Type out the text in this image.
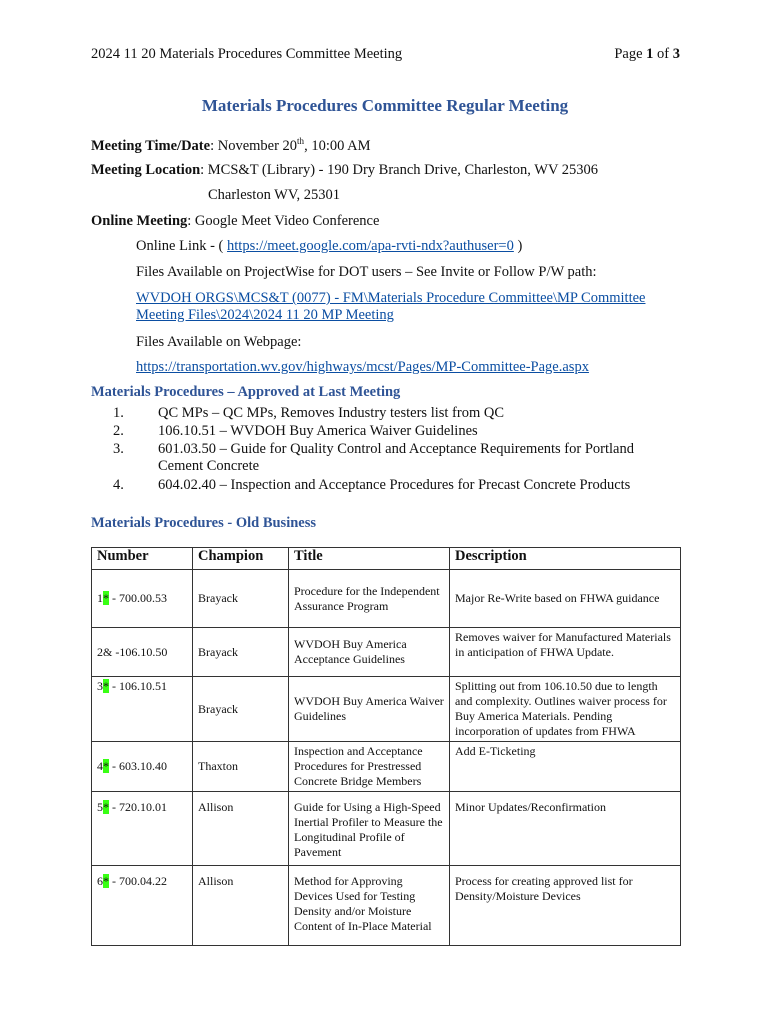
2024 11 20 Materials Procedures Committee Meeting	Page 1 of 3
Materials Procedures Committee Regular Meeting
Meeting Time/Date: November 20th, 10:00 AM
Meeting Location: MCS&T (Library) - 190 Dry Branch Drive, Charleston, WV 25306
Charleston WV, 25301
Online Meeting: Google Meet Video Conference
Online Link - ( https://meet.google.com/apa-rvti-ndx?authuser=0 )
Files Available on ProjectWise for DOT users – See Invite or Follow P/W path:
WVDOH ORGS\MCS&T (0077) - FM\Materials Procedure Committee\MP Committee
Meeting Files\2024\2024 11 20 MP Meeting
Files Available on Webpage:
https://transportation.wv.gov/highways/mcst/Pages/MP-Committee-Page.aspx
Materials Procedures – Approved at Last Meeting
1. QC MPs – QC MPs, Removes Industry testers list from QC
2. 106.10.51 – WVDOH Buy America Waiver Guidelines
3. 601.03.50 – Guide for Quality Control and Acceptance Requirements for Portland Cement Concrete
4. 604.02.40 – Inspection and Acceptance Procedures for Precast Concrete Products
Materials Procedures - Old Business
Number	Champion	Title	Description
1* - 700.00.53	Brayack	Procedure for the Independent Assurance Program	Major Re-Write based on FHWA guidance
2& -106.10.50	Brayack	WVDOH Buy America Acceptance Guidelines	Removes waiver for Manufactured Materials in anticipation of FHWA Update.
3* - 106.10.51	Brayack	WVDOH Buy America Waiver Guidelines	Splitting out from 106.10.50 due to length and complexity. Outlines waiver process for Buy America Materials. Pending incorporation of updates from FHWA
4* - 603.10.40	Thaxton	Inspection and Acceptance Procedures for Prestressed Concrete Bridge Members	Add E-Ticketing
5* - 720.10.01	Allison	Guide for Using a High-Speed Inertial Profiler to Measure the Longitudinal Profile of Pavement	Minor Updates/Reconfirmation
6* - 700.04.22	Allison	Method for Approving Devices Used for Testing Density and/or Moisture Content of In-Place Material	Process for creating approved list for Density/Moisture Devices
